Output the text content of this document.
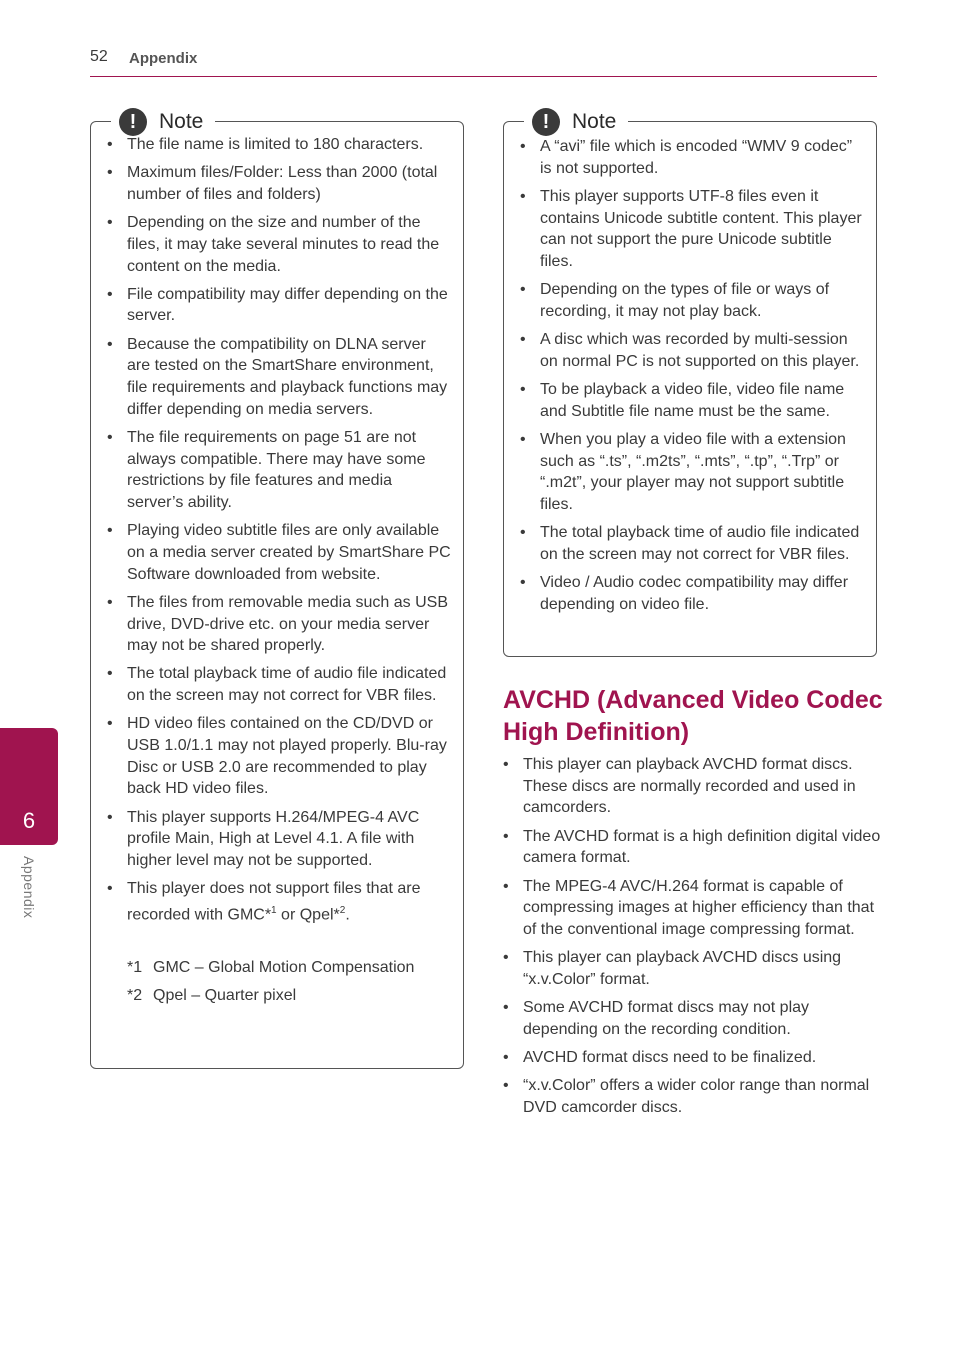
52 Appendix
6
Appendix
!	Note
• The file name is limited to 180 characters.
• Maximum files/Folder: Less than 2000 (total number of files and folders)
• Depending on the size and number of the files, it may take several minutes to read the content on the media.
• File compatibility may differ depending on the server.
• Because the compatibility on DLNA server are tested on the SmartShare environment, file requirements and playback functions may differ depending on media servers.
• The file requirements on page 51 are not always compatible. There may have some restrictions by file features and media server’s ability.
• Playing video subtitle files are only available on a media server created by SmartShare PC Software downloaded from website.
• The files from removable media such as USB drive, DVD-drive etc. on your media server may not be shared properly.
• The total playback time of audio file indicated on the screen may not correct for VBR files.
• HD video files contained on the CD/DVD or USB 1.0/1.1 may not played properly. Blu-ray Disc or USB 2.0 are recommended to play back HD video files.
• This player supports H.264/MPEG-4 AVC profile Main, High at Level 4.1. A file with higher level may not be supported.
• This player does not support files that are recorded with GMC*$^1$ or Qpel*$^2$.
*1 GMC – Global Motion Compensation
*2 Qpel – Quarter pixel
!	Note
• A “avi” file which is encoded “WMV 9 codec” is not supported.
• This player supports UTF-8 files even it contains Unicode subtitle content. This player can not support the pure Unicode subtitle files.
• Depending on the types of file or ways of recording, it may not play back.
• A disc which was recorded by multi-session on normal PC is not supported on this player.
• To be playback a video file, video file name and Subtitle file name must be the same.
• When you play a video file with a extension such as “.ts”, “.m2ts”, “.mts”, “.tp”, “.Trp” or “.m2t”, your player may not support subtitle files.
• The total playback time of audio file indicated on the screen may not correct for VBR files.
• Video / Audio codec compatibility may differ depending on video file.
AVCHD (Advanced Video Codec High Definition)
• This player can playback AVCHD format discs. These discs are normally recorded and used in camcorders.
• The AVCHD format is a high definition digital video camera format.
• The MPEG-4 AVC/H.264 format is capable of compressing images at higher efficiency than that of the conventional image compressing format.
• This player can playback AVCHD discs using “x.v.Color” format.
• Some AVCHD format discs may not play depending on the recording condition.
• AVCHD format discs need to be finalized.
• “x.v.Color” offers a wider color range than normal DVD camcorder discs.
